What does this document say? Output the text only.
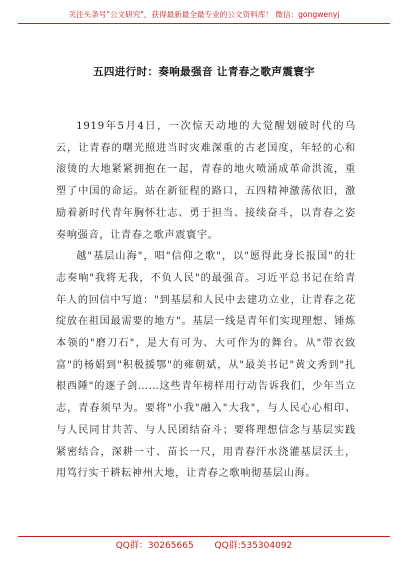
关注头条号"公文研究"，获得最新最全最专业的公文资料库！ 微信：gongwenyj
五四进行时：奏响最强音 让青春之歌声震寰宇

1919年5月4日，一次惊天动地的大觉醒划破时代的乌云，让青春的曙光照进当时灾难深重的古老国度，年轻的心和滚烫的大地紧紧拥抱在一起，青春的地火喷涌成革命洪流，重塑了中国的命运。站在新征程的路口，五四精神激荡依旧，激励着新时代青年胸怀壮志、勇于担当、接续奋斗，以青春之姿奏响强音，让青春之歌声震寰宇。

越"基层山海"，唱"信仰之歌"，以"愿得此身长报国"的壮志奏响"我将无我，不负人民"的最强音。习近平总书记在给青年人的回信中写道："到基层和人民中去建功立业，让青春之花绽放在祖国最需要的地方"。基层一线是青年们实现理想、锤炼本领的"磨刀石"，是大有可为、大可作为的舞台。从"带衣致富"的杨娟到"积极援鄂"的雍朝斌，从"最美书记"黄文秀到"扎根西陲"的逐子剑……这些青年榜样用行动告诉我们，少年当立志，青春须早为。要将"小我"融入"大我"，与人民心心相印、与人民同甘共苦、与人民团结奋斗；要将理想信念与基层实践紧密结合，深耕一寸、苗长一尺，用青春汗水浇灌基层沃土，用笃行实干耕耘神州大地，让青春之歌响彻基层山海。

QQ群：30265665 QQ群:535304092
